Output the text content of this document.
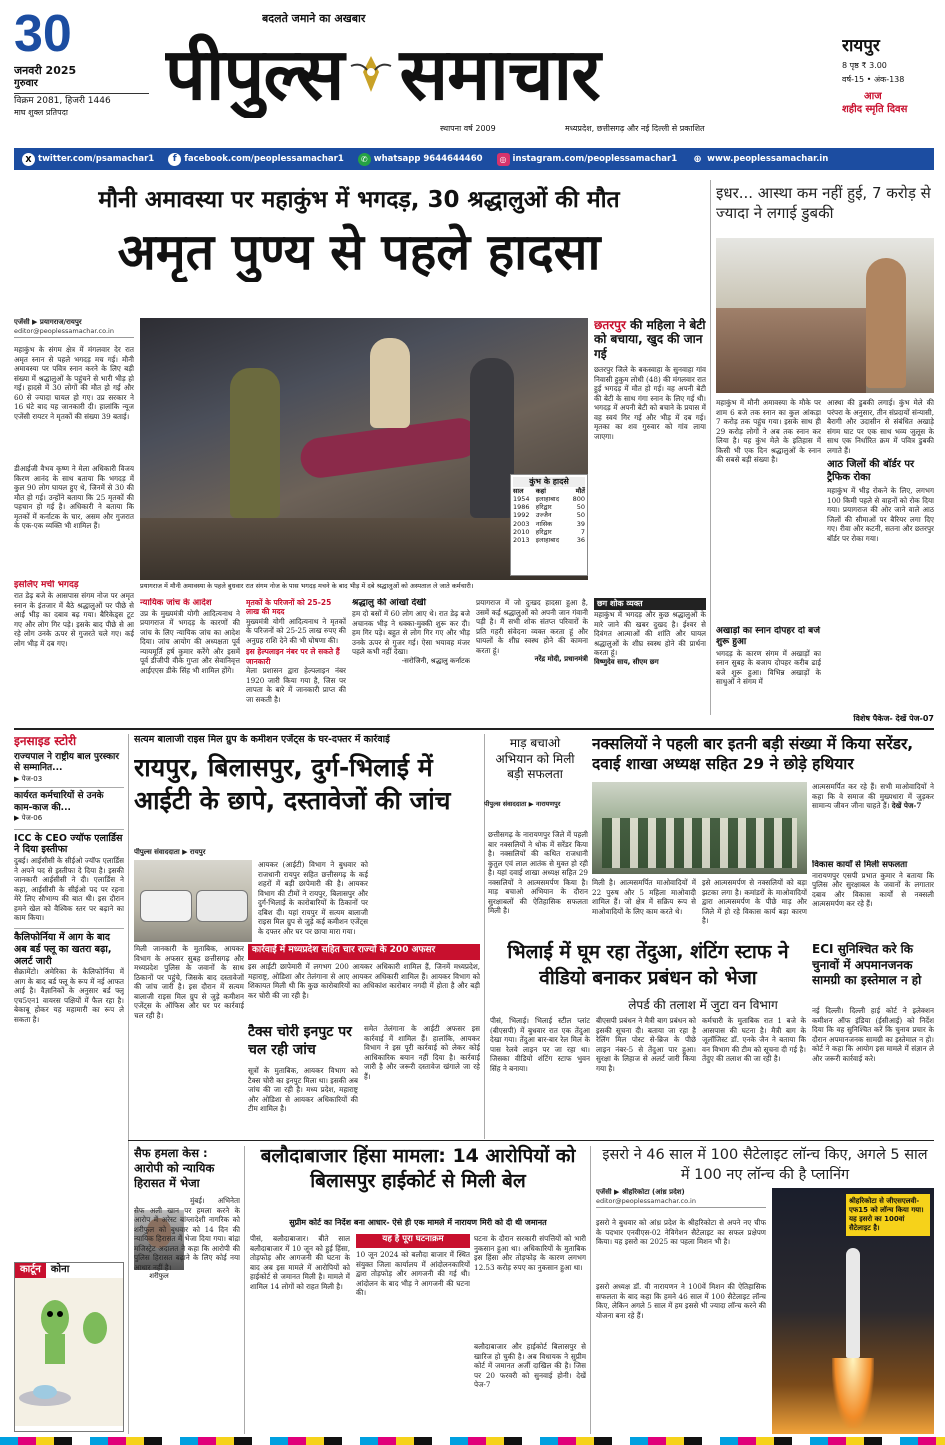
30
जनवरी 2025
गुरुवार
विक्रम 2081, हिजरी 1446
माघ शुक्ल प्रतिपदा
बदलते जमाने का अखबार
पीपुल्स समाचार
स्थापना वर्ष 2009	मध्यप्रदेश, छत्तीसगढ़ और नई दिल्ली से प्रकाशित
रायपुर
8 पृष्ठ ₹ 3.00
वर्ष-15 • अंक-138
आज
शहीद स्मृति दिवस
X twitter.com/psamachar1	f facebook.com/peoplessamachar1	✆ whatsapp 9644644460	◎ instagram.com/peoplessamachar1 ⊕ www.peoplessamachar.in
मौनी अमावस्या पर महाकुंभ में भगदड़, 30 श्रद्धालुओं की मौत
अमृत पुण्य से पहले हादसा
एजेंसी ▶ प्रयागराज/रायपुर
editor@peoplessamachar.co.in
महाकुंभ के संगम क्षेत्र में मंगलवार देर रात अमृत स्नान से पहले भगदड़ मच गई। मौनी अमावस्या पर पवित्र स्नान करने के लिए बड़ी संख्या में श्रद्धालुओं के पहुंचने से भारी भीड़ हो गई। हादसे में 30 लोगों की मौत हो गई और 60 से ज्यादा घायल हो गए। उप्र सरकार ने 16 घंटे बाद यह जानकारी दी। हालांकि न्यूज एजेंसी रायटर ने मृतकों की संख्या 39 बताई।
डीआईजी वैभव कृष्ण ने मेला अधिकारी विजय किरण आनंद के साथ बताया कि भगदड़ में कुल 90 लोग घायल हुए थे, जिनमें से 30 की मौत हो गई। उन्होंने बताया कि 25 मृतकों की पहचान हो गई है। अधिकारी ने बताया कि मृतकों में कर्नाटक के चार, असम और गुजरात के एक-एक व्यक्ति भी शामिल हैं।
कुंभ के हादसे
साल	कहां	मौतें
1954	इलाहाबाद	800
1986	हरिद्वार	50
1992	उज्जैन	50
2003	नासिक	39
2010	हरिद्वार	7
2013	इलाहाबाद	36
प्रयागराज में मौनी अमावस्या के पहले बुधवार रात संगम नोज के पास भगदड़ मचने के बाद भीड़ में दबे श्रद्धालुओं को अस्पताल ले जाते कर्मचारी।
इसलिए मची भगदड़
रात डेढ़ बजे के आसपास संगम नोज पर अमृत स्नान के इंतजार में बैठे श्रद्धालुओं पर पीछे से आई भीड़ का दबाव बढ़ गया। बैरिकेड्स टूट गए और लोग गिर पड़े। इसके बाद पीछे से आ रहे लोग उनके ऊपर से गुजरते चले गए। कई लोग भीड़ में दब गए।
न्यायिक जांच के आदेश
उप्र के मुख्यमंत्री योगी आदित्यनाथ ने प्रयागराज में भगदड़ के कारणों की जांच के लिए न्यायिक जांच का आदेश दिया। जांच आयोग की अध्यक्षता पूर्व न्यायमूर्ति हर्ष कुमार करेंगे और इसमें पूर्व डीजीपी वीके गुप्ता और सेवानिवृत्त आईएएस डीके सिंह भी शामिल होंगे।
मृतकों के परिजनों को 25-25 लाख की मदद
मुख्यमंत्री योगी आदित्यनाथ ने मृतकों के परिजनों को 25-25 लाख रुपए की अनुग्रह राशि देने की भी घोषणा की।
इस हेल्पलाइन नंबर पर ले सकते हैं जानकारी
मेला प्रशासन द्वारा हेल्पलाइन नंबर 1920 जारी किया गया है, जिस पर लापता के बारे में जानकारी प्राप्त की जा सकती है।
श्रद्धालु की आंखों देखी
हम दो बसों में 60 लोग आए थे। रात डेढ़ बजे अचानक भीड़ ने धक्का-मुक्की शुरू कर दी। हम गिर पड़े। बहुत से लोग गिर गए और भीड़ उनके ऊपर से गुजर गई। ऐसा भयावह मंजर पहले कभी नहीं देखा।
-सरोजिनी, श्रद्धालु कर्नाटक
प्रयागराज में जो दुःखद हादसा हुआ है, उसमें कई श्रद्धालुओं को अपनी जान गंवानी पड़ी है। मैं सभी शोक संतप्त परिवारों के प्रति गहरी संवेदना व्यक्त करता हूं और घायलों के शीघ्र स्वस्थ होने की कामना करता हूं।
नरेंद्र मोदी, प्रधानमंत्री
छतरपुर की महिला ने बेटी को बचाया, खुद की जान गई
छतरपुर जिले के बकस्वाहा के सुनवाहा गांव निवासी हुकुम लोधी (48) की मंगलवार रात हुई भगदड़ में मौत हो गई। वह अपनी बेटी की बेटी के साथ गंगा स्नान के लिए गई थी। भगदड़ में अपनी बेटी को बचाने के प्रयास में वह स्वयं गिर गई और भीड़ में दब गई। मृतका का शव गुरुवार को गांव लाया जाएगा।
छग शोक व्यक्त
महाकुंभ में भगदड़ और कुछ श्रद्धालुओं के मारे जाने की खबर दुखद है। ईश्वर से दिवंगत आत्माओं की शांति और घायल श्रद्धालुओं के शीघ्र स्वस्थ होने की प्रार्थना करता हूं।
विष्णुदेव साय, सीएम छग
इधर... आस्था कम नहीं हुई, 7 करोड़ से ज्यादा ने लगाई डुबकी
महाकुंभ में मौनी अमावस्या के मौके पर शाम 6 बजे तक स्नान का कुल आंकड़ा 7 करोड़ तक पहुंच गया। इसके साथ ही 29 करोड़ लोगों ने अब तक स्नान कर लिया है। यह कुंभ मेले के इतिहास में किसी भी एक दिन श्रद्धालुओं के स्नान की सबसे बड़ी संख्या है।
आस्था की डुबकी लगाई। कुंभ मेले की परंपरा के अनुसार, तीन संप्रदायों संन्यासी, बैरागी और उदासीन से संबंधित अखाड़े संगम घाट पर एक साथ भव्य जुलूस के साथ एक निर्धारित क्रम में पवित्र डुबकी लगाते हैं।
आठ जिलों की बॉर्डर पर ट्रैफिक रोका
महाकुंभ में भीड़ रोकने के लिए, लगभग 100 किमी पहले से वाहनों को रोक दिया गया। प्रयागराज की ओर जाने वाले आठ जिलों की सीमाओं पर बैरियर लगा दिए गए। रीवा और कटनी, सतना और छतरपुर बॉर्डर पर रोका गया।
अखाड़ों का स्नान दोपहर दो बजे शुरू हुआ
भगदड़ के कारण संगम में अखाड़ों का स्नान सुबह के बजाय दोपहर करीब ढाई बजे शुरू हुआ। विभिन्न अखाड़ों के साधुओं ने संगम में
विशेष पैकेज- देखें पेज-07
इनसाइड स्टोरी
राज्यपाल ने राष्ट्रीय बाल पुरस्कार से सम्मानित...
▶ पेज-03
कार्यरत कर्मचारियों से उनके काम-काज की...
▶ पेज-06
ICC के CEO ज्यॉफ एलार्डिस ने दिया इस्तीफा
दुबई। आईसीसी के सीईओ ज्यॉफ एलार्डिस ने अपने पद से इस्तीफा दे दिया है। इसकी जानकारी आईसीसी ने दी। एलार्डिस ने कहा, आईसीसी के सीईओ पद पर रहना मेरे लिए सौभाग्य की बात थी। इस दौरान हमने खेल को वैश्विक स्तर पर बढ़ाने का काम किया।
कैलिफोर्निया में आग के बाद अब बर्ड फ्लू का खतरा बढ़ा, अलर्ट जारी
सैक्रामेंटो। अमेरिका के कैलिफोर्निया में आग के बाद बर्ड फ्लू के रूप में नई आफत आई है। वैज्ञानिकों के अनुसार बर्ड फ्लू एच5एन1 वायरस पक्षियों में फैल रहा है। बेकाबू होकर यह महामारी का रूप ले सकता है।
कार्टून	कोना
सत्यम बालाजी राइस मिल ग्रुप के कमीशन एजेंट्स के घर-दफ्तर में कार्रवाई
रायपुर, बिलासपुर, दुर्ग-भिलाई में आईटी के छापे, दस्तावेजों की जांच
पीपुल्स संवाददाता ▶ रायपुर
आयकर (आईटी) विभाग ने बुधवार को राजधानी रायपुर सहित छत्तीसगढ़ के कई शहरों में बड़ी छापेमारी की है। आयकर विभाग की टीमों ने रायपुर, बिलासपुर और दुर्ग-भिलाई के कारोबारियों के ठिकानों पर दबिश दी। यहां रायपुर में सत्यम बालाजी राइस मिल ग्रुप से जुड़े कई कमीशन एजेंट्स के दफ्तर और घर पर छापा मारा गया।
मिली जानकारी के मुताबिक, आयकर विभाग के अफसर सुबह छत्तीसगढ़ और मध्यप्रदेश पुलिस के जवानों के साथ ठिकानों पर पहुंचे, जिसके बाद दस्तावेजों की जांच जारी है। इस दौरान में सत्यम बालाजी राइस मिल ग्रुप से जुड़े कमीशन एजेंट्स के ऑफिस और घर पर कार्रवाई चल रही है।
कार्रवाई में मध्यप्रदेश सहित चार राज्यों के 200 अफसर
इस आईटी छापेमारी में लगभग 200 आयकर अधिकारी शामिल हैं, जिनमें मध्यप्रदेश, महाराष्ट्र, ओडिशा और तेलंगाना से आए आयकर अधिकारी शामिल हैं। आयकर विभाग को शिकायत मिली थी कि कुछ कारोबारियों का अधिकांश कारोबार नगदी में होता है और बड़ी कर चोरी की जा रही है।
टैक्स चोरी इनपुट पर चल रही जांच
सूत्रों के मुताबिक, आयकर विभाग को टैक्स चोरी का इनपुट मिला था। इसकी अब जांच की जा रही है। मध्य प्रदेश, महाराष्ट्र और ओडिशा से आयकर अधिकारियों की टीम शामिल है।
समेत तेलंगाना के आईटी अफसर इस कार्रवाई में शामिल हैं। हालांकि, आयकर विभाग ने इस पूरी कार्रवाई को लेकर कोई आधिकारिक बयान नहीं दिया है। कार्रवाई जारी है और जरूरी दस्तावेज खंगाले जा रहे हैं।
माड़ बचाओ अभियान को मिली बड़ी सफलता
पीपुल्स संवाददाता ▶ नारायणपुर
छत्तीसगढ़ के नारायणपुर जिले में पहली बार नक्सलियों ने थोक में सरेंडर किया है। नक्सलियों की कथित राजधानी कुतुल एवं लाल आतंक से मुक्त हो रही है। यहां दवाई शाखा अध्यक्ष सहित 29 नक्सलियों ने आत्मसमर्पण किया है। माड़ बचाओ अभियान के दौरान सुरक्षाबलों की ऐतिहासिक सफलता मिली है।
नक्सलियों ने पहली बार इतनी बड़ी संख्या में किया सरेंडर, दवाई शाखा अध्यक्ष सहित 29 ने छोड़े हथियार
आत्मसमर्पित कर रहे हैं। सभी माओवादियों ने कहा कि वे समाज की मुख्यधारा में जुड़कर सामान्य जीवन जीना चाहते हैं। देखें पेज-7
मिली है। आत्मसमर्पित माओवादियों में 22 पुरुष और 5 महिला माओवादी शामिल हैं। जो क्षेत्र में सक्रिय रूप से माओवादियों के लिए काम करते थे।
इसे आत्मसमर्पण से नक्सलियों को बड़ा झटका लगा है। कमांडरों के माओवादियों द्वारा आत्मसमर्पण के पीछे माड़ और जिले में हो रहे विकास कार्य बड़ा कारण है।
विकास कार्यों से मिली सफलता
नारायणपुर एसपी प्रभात कुमार ने बताया कि पुलिस और सुरक्षाबल के जवानों के लगातार दबाव और विकास कार्यों से नक्सली आत्मसमर्पण कर रहे हैं।
भिलाई में घूम रहा तेंदुआ, शंटिंग स्टाफ ने वीडियो बनाकर प्रबंधन को भेजा
लेपर्ड की तलाश में जुटा वन विभाग
पीसं, भिलाई। भिलाई स्टील प्लांट (बीएसपी) में बुधवार रात एक तेंदुआ देखा गया। तेंदुआ बार-बार रेल मिल के पास रेलवे लाइन पर जा रहा था। जिसका वीडियो शंटिंग स्टाफ भुवन सिंह ने बनाया।
बीएसपी प्रबंधन ने मैत्री बाग प्रबंधन को इसकी सूचना दी। बताया जा रहा है रेलिंग मिल पोस्ट से-ब्रिज के पीछे लाइन नंबर-5 से तेंदुआ पार हुआ। सुरक्षा के लिहाज से अलर्ट जारी किया गया है।
कर्मचारी के मुताबिक रात 1 बजे के आसपास की घटना है। मैत्री बाग के जूलॉजिस्ट डॉ. एनके जैन ने बताया कि वन विभाग की टीम को सूचना दी गई है। तेंदुए की तलाश की जा रही है।
ECI सुनिश्चित करे कि चुनावों में अपमानजनक सामग्री का इस्तेमाल न हो
नई दिल्ली। दिल्ली हाई कोर्ट ने इलेक्शन कमीशन ऑफ इंडिया (ईसीआई) को निर्देश दिया कि वह सुनिश्चित करें कि चुनाव प्रचार के दौरान अपमानजनक सामग्री का इस्तेमाल न हो। कोर्ट ने कहा कि आयोग इस मामले में संज्ञान ले और जरूरी कार्रवाई करे।
सैफ हमला केस : आरोपी को न्यायिक हिरासत में भेजा
शरीफुल
मुंबई। अभिनेता सैफ अली खान पर हमला करने के आरोप में अरेस्ट बांग्लादेशी नागरिक को शरीफुल को बुधवार को 14 दिन की न्यायिक हिरासत में भेजा दिया गया। बांद्रा मजिस्ट्रेट अदालत ने कहा कि आरोपी की पुलिस हिरासत बढ़ाने के लिए कोई नया आधार नहीं है।
बलौदाबाजार हिंसा मामला: 14 आरोपियों को बिलासपुर हाईकोर्ट से मिली बेल
सुप्रीम कोर्ट का निर्देश बना आधार- ऐसे ही एक मामले में नारायण मिरी को दी थी जमानत
पीसं, बलौदाबाजार। बीते साल बलौदाबाजार में 10 जून को हुई हिंसा, तोड़फोड़ और आगजनी की घटना के बाद अब इस मामले में आरोपियों को हाईकोर्ट से जमानत मिली है। मामले में शामिल 14 लोगों को राहत मिली है।
यह है पूरा घटनाक्रम
10 जून 2024 को बलौदा बाजार में स्थित संयुक्त जिला कार्यालय में आंदोलनकारियों द्वारा तोड़फोड़ और आगजनी की गई थी। आंदोलन के बाद भीड़ ने आगजनी की घटना की।
घटना के दौरान सरकारी संपत्तियों को भारी नुकसान हुआ था। अधिकारियों के मुताबिक इस हिंसा और तोड़फोड़ के कारण लगभग 12.53 करोड़ रुपए का नुकसान हुआ था।
बलौदाबाजार और हाईकोर्ट बिलासपुर से खारिज हो चुकी है। अब विधायक ने सुप्रीम कोर्ट में जमानत अर्जी दाखिल की है। जिस पर 20 फरवरी को सुनवाई होनी। देखें पेज-7
इसरो ने 46 साल में 100 सैटेलाइट लॉन्च किए, अगले 5 साल में 100 नए लॉन्च की है प्लानिंग
एजेंसी ▶ श्रीहरिकोटा (आंध्र प्रदेश)
editor@peoplessamachar.co.in
इसरो ने बुधवार को आंध्र प्रदेश के श्रीहरिकोटा से अपने नए चीफ के पदभार एनवीएस-02 नेविगेशन सैटेलाइट का सफल प्रक्षेपण किया। यह इसरो का 2025 का पहला मिशन भी है।
इसरो अध्यक्ष डॉ. वी नारायणन ने 100वें मिशन की ऐतिहासिक सफलता के बाद कहा कि हमने 46 साल में 100 सैटेलाइट लॉन्च किए, लेकिन अगले 5 साल में हम इससे भी ज्यादा लॉन्च करने की योजना बना रहे हैं।
श्रीहरिकोटा से जीएसएलवी-एफ15 को लॉन्च किया गया। यह इसरो का 100वां सैटेलाइट है।
